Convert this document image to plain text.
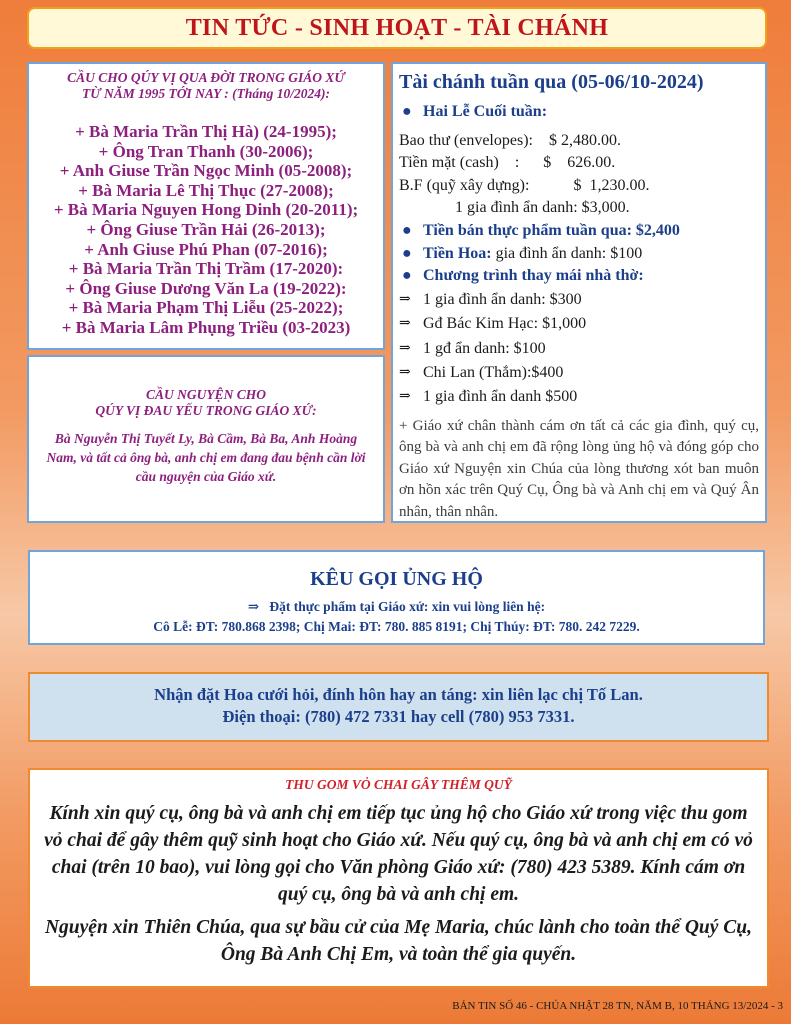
TIN TỨC - SINH HOẠT - TÀI CHÁNH
CẦU CHO QÚY VỊ QUA ĐỜI TRONG GIÁO XỨ
TỪ NĂM 1995 TỚI NAY : (Tháng 10/2024):
+ Bà Maria Trần Thị Hà) (24-1995);
+ Ông Tran Thanh (30-2006);
+ Anh Giuse Trần Ngọc Minh (05-2008);
+ Bà Maria Lê Thị Thục (27-2008);
+ Bà Maria Nguyen Hong Dinh (20-2011);
+ Ông Giuse Trần Hải (26-2013);
+ Anh Giuse Phú Phan (07-2016);
+ Bà Maria Trần Thị Trầm (17-2020):
+ Ông Giuse Dương Văn La (19-2022):
+ Bà Maria Phạm Thị Liễu (25-2022);
+ Bà Maria Lâm Phụng Triều (03-2023)
CẦU NGUYỆN CHO
QÚY VỊ ĐAU YẾU TRONG GIÁO XỨ:
Bà Nguyễn Thị Tuyết Ly, Bà Cầm, Bà Ba, Anh Hoàng Nam, và tất cả ông bà, anh chị em đang đau bệnh cần lời cầu nguyện của Giáo xứ.
Tài chánh tuần qua (05-06/10-2024)
● Hai Lễ Cuối tuần:
Bao thư (envelopes):    $ 2,480.00.
Tiền mặt (cash)    :      $    626.00.
B.F (quỹ xây dựng):           $  1,230.00.
1 gia đình ẩn danh: $3,000.
● Tiền bán thực phẩm tuần qua: $2,400
● Tiền Hoa: gia đình ẩn danh: $100
● Chương trình thay mái nhà thờ:
⇒ 1 gia đình ẩn danh: $300
⇒ Gđ Bác Kim Hạc: $1,000
⇒ 1 gđ ẩn danh: $100
⇒ Chi Lan (Thắm):$400
⇒ 1 gia đình ẩn danh $500
+ Giáo xứ chân thành cám ơn tất cả các gia đình, quý cụ, ông bà và anh chị em đã rộng lòng ủng hộ và đóng góp cho Giáo xứ Nguyện xin Chúa của lòng thương xót ban muôn ơn hồn xác trên Quý Cụ, Ông bà và Anh chị em và Quý Ân nhân, thân nhân.
KÊU GỌI ỦNG HỘ
⇒ Đặt thực phẩm tại Giáo xứ: xin vui lòng liên hệ:
Cô Lễ: ĐT: 780.868 2398; Chị Mai: ĐT: 780. 885 8191; Chị Thúy: ĐT: 780. 242 7229.
Nhận đặt Hoa cưới hỏi, đính hôn hay an táng: xin liên lạc chị Tố Lan.
Điện thoại: (780) 472 7331 hay cell (780) 953 7331.
THU GOM VỎ CHAI GÂY THÊM QUỸ
Kính xin quý cụ, ông bà và anh chị em tiếp tục ủng hộ cho Giáo xứ trong việc thu gom vỏ chai để gây thêm quỹ sinh hoạt cho Giáo xứ. Nếu quý cụ, ông bà và anh chị em có vỏ chai (trên 10 bao), vui lòng gọi cho Văn phòng Giáo xứ: (780) 423 5389. Kính cám ơn quý cụ, ông bà và anh chị em.
Nguyện xin Thiên Chúa, qua sự bầu cử của Mẹ Maria, chúc lành cho toàn thể Quý Cụ, Ông Bà Anh Chị Em, và toàn thể gia quyến.
BẢN TIN SỐ 46 - CHÚA NHẬT 28 TN, NĂM B, 10 THÁNG 13/2024 - 3
